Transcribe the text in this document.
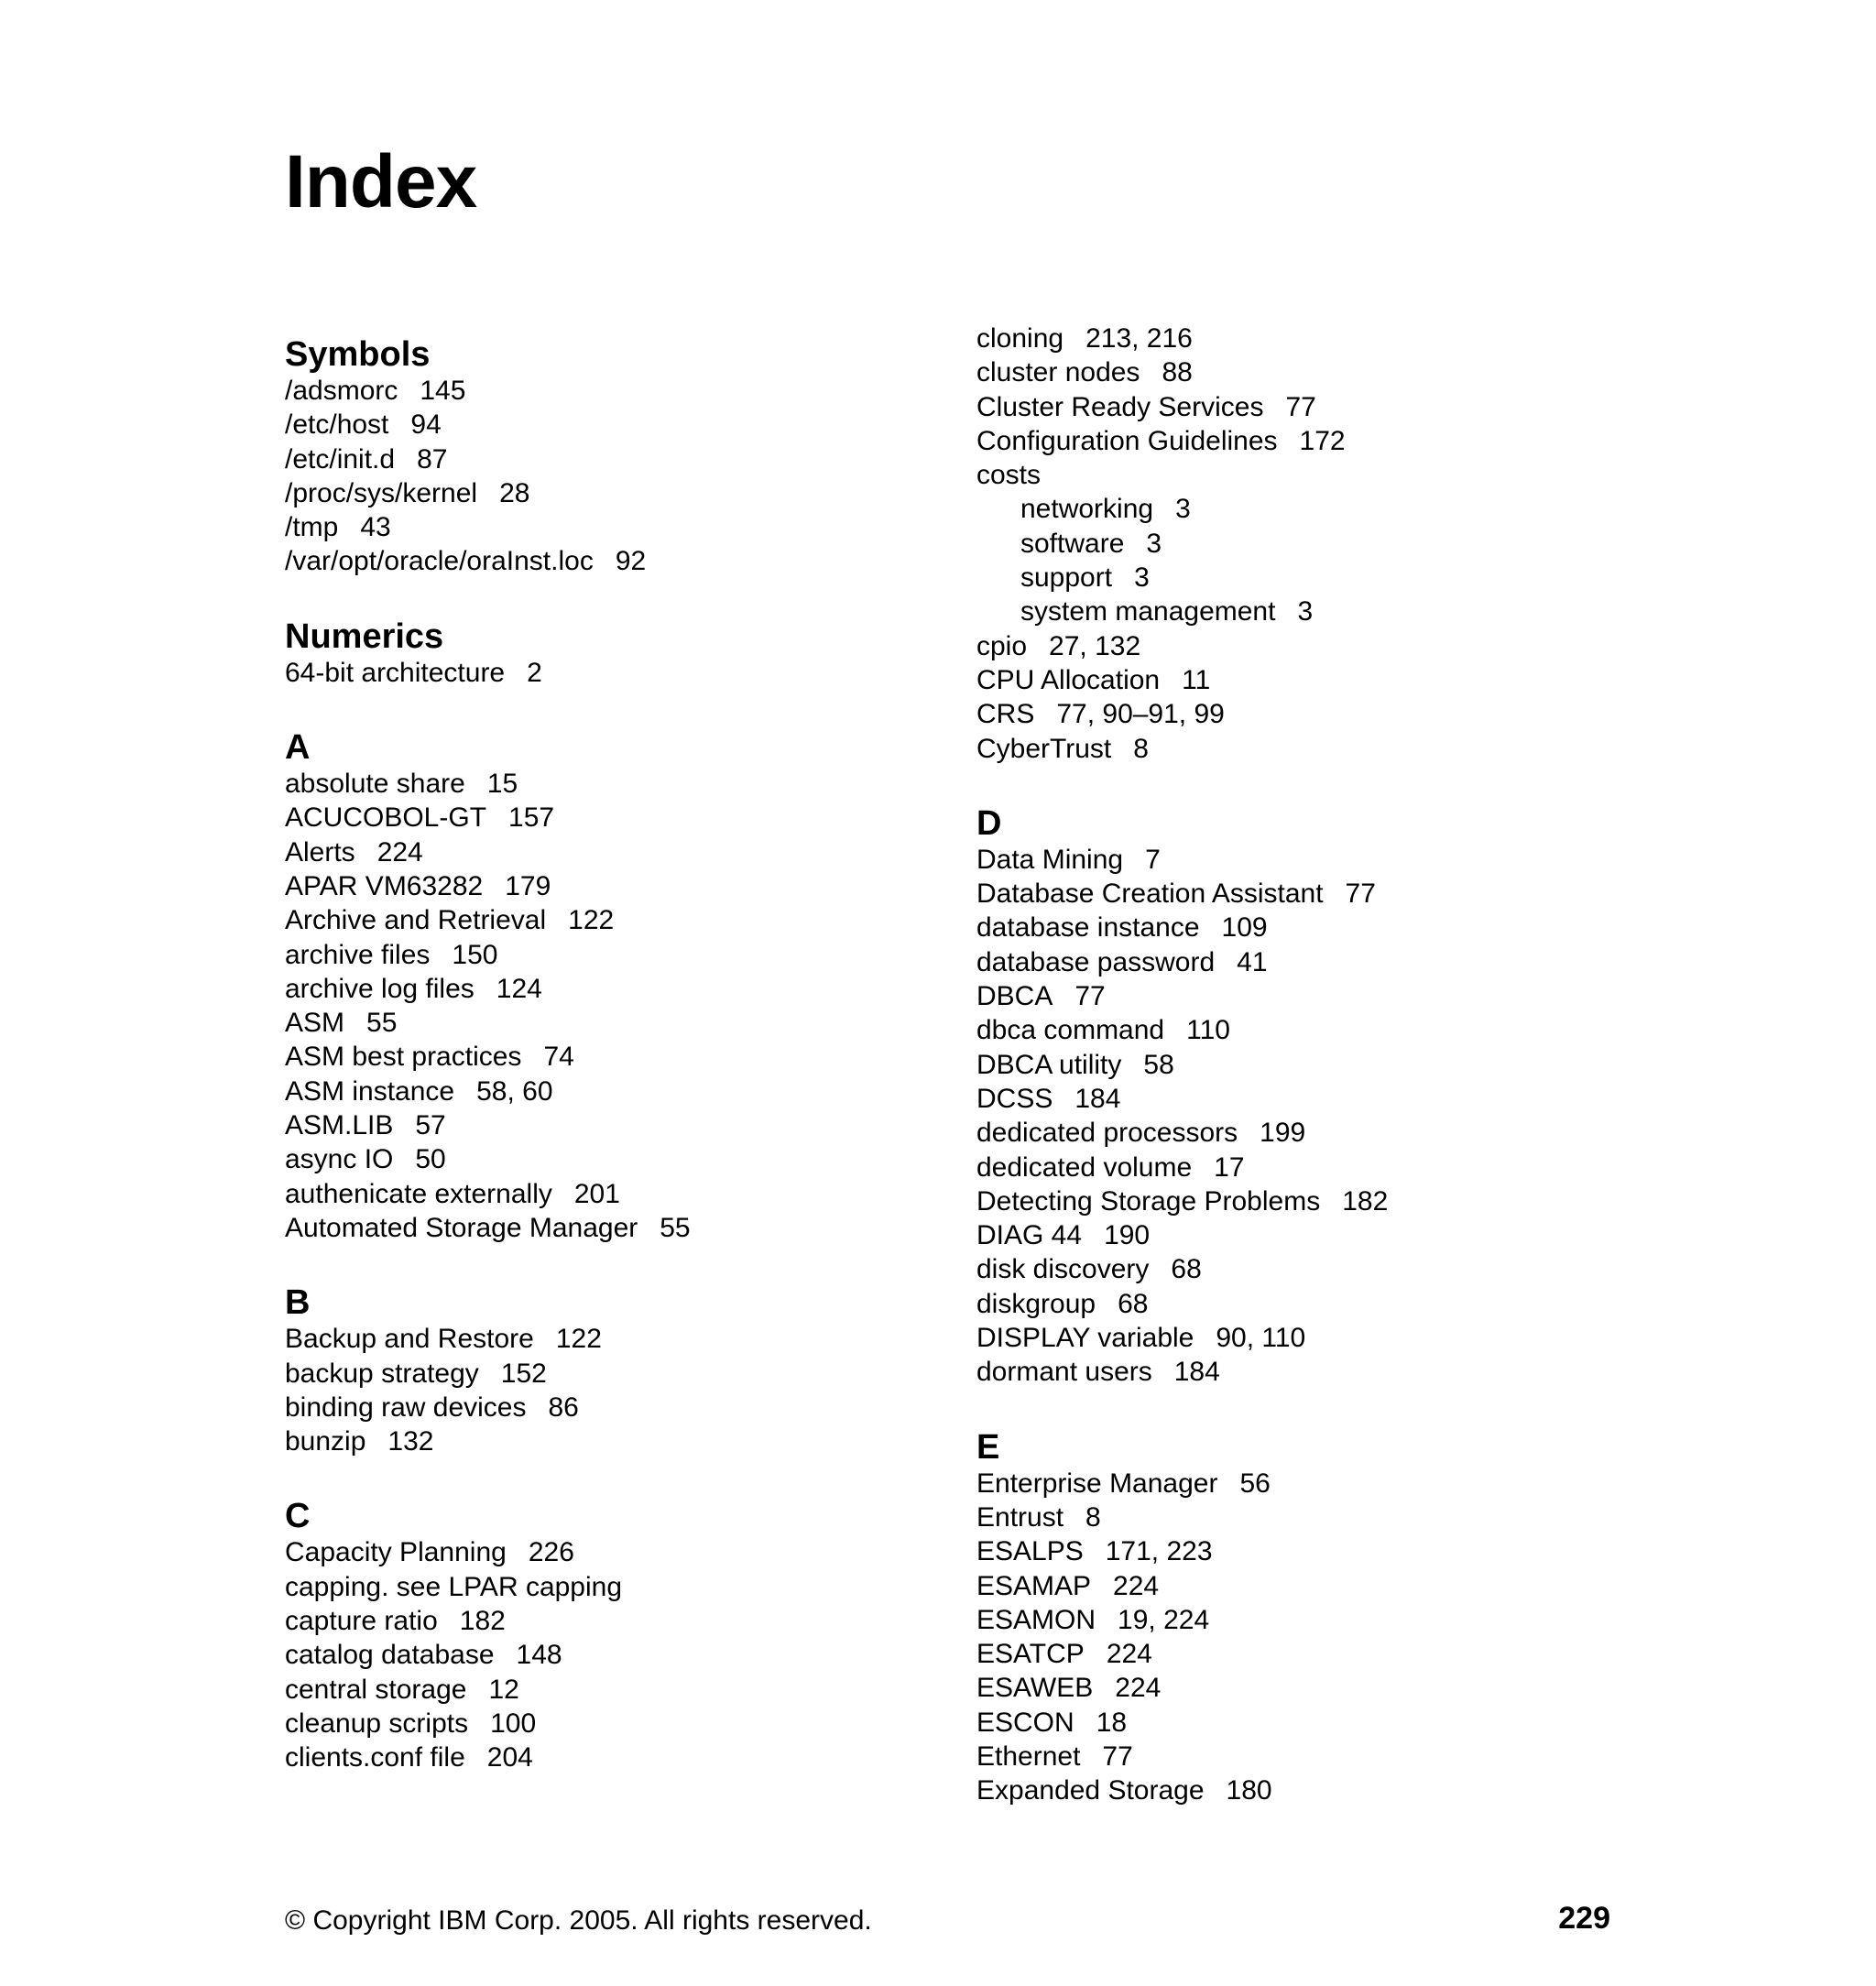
Index
Symbols
/adsmorc 145
/etc/host 94
/etc/init.d 87
/proc/sys/kernel 28
/tmp 43
/var/opt/oracle/oraInst.loc 92
Numerics
64-bit architecture 2
A
absolute share 15
ACUCOBOL-GT 157
Alerts 224
APAR VM63282 179
Archive and Retrieval 122
archive files 150
archive log files 124
ASM 55
ASM best practices 74
ASM instance 58, 60
ASM.LIB 57
async IO 50
authenicate externally 201
Automated Storage Manager 55
B
Backup and Restore 122
backup strategy 152
binding raw devices 86
bunzip 132
C
Capacity Planning 226
capping. see LPAR capping
capture ratio 182
catalog database 148
central storage 12
cleanup scripts 100
clients.conf file 204
cloning 213, 216
cluster nodes 88
Cluster Ready Services 77
Configuration Guidelines 172
costs
networking 3
software 3
support 3
system management 3
cpio 27, 132
CPU Allocation 11
CRS 77, 90–91, 99
CyberTrust 8
D
Data Mining 7
Database Creation Assistant 77
database instance 109
database password 41
DBCA 77
dbca command 110
DBCA utility 58
DCSS 184
dedicated processors 199
dedicated volume 17
Detecting Storage Problems 182
DIAG 44 190
disk discovery 68
diskgroup 68
DISPLAY variable 90, 110
dormant users 184
E
Enterprise Manager 56
Entrust 8
ESALPS 171, 223
ESAMAP 224
ESAMON 19, 224
ESATCP 224
ESAWEB 224
ESCON 18
Ethernet 77
Expanded Storage 180
© Copyright IBM Corp. 2005. All rights reserved.	229
